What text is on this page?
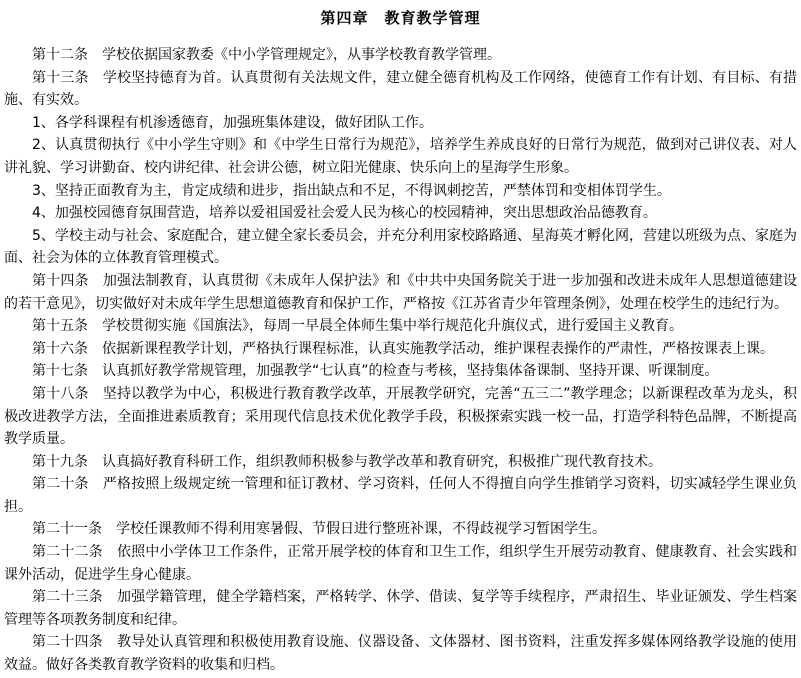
第四章　教育教学管理

第十二条　学校依据国家教委《中小学管理规定》，从事学校教育教学管理。

第十三条　学校坚持德育为首。认真贯彻有关法规文件，建立健全德育机构及工作网络，使德育工作有计划、有目标、有措施、有实效。

1、各学科课程有机渗透德育，加强班集体建设，做好团队工作。

2、认真贯彻执行《中小学生守则》和《中学生日常行为规范》，培养学生养成良好的日常行为规范，做到对己讲仪表、对人讲礼貌、学习讲勤奋、校内讲纪律、社会讲公德，树立阳光健康、快乐向上的星海学生形象。

3、坚持正面教育为主，肯定成绩和进步，指出缺点和不足，不得讽刺挖苦，严禁体罚和变相体罚学生。

4、加强校园德育氛围营造，培养以爱祖国爱社会爱人民为核心的校园精神，突出思想政治品德教育。

5、学校主动与社会、家庭配合，建立健全家长委员会，并充分利用家校路路通、星海英才孵化网，营建以班级为点、家庭为面、社会为体的立体教育管理模式。

第十四条　加强法制教育，认真贯彻《未成年人保护法》和《中共中央国务院关于进一步加强和改进未成年人思想道德建设的若干意见》，切实做好对未成年学生思想道德教育和保护工作，严格按《江苏省青少年管理条例》，处理在校学生的违纪行为。

第十五条　学校贯彻实施《国旗法》，每周一早晨全体师生集中举行规范化升旗仪式，进行爱国主义教育。

第十六条　依据新课程教学计划，严格执行课程标准，认真实施教学活动，维护课程表操作的严肃性，严格按课表上课。

第十七条　认真抓好教学常规管理，加强教学“七认真”的检查与考核，坚持集体备课制、坚持开课、听课制度。

第十八条　坚持以教学为中心，积极进行教育教学改革，开展教学研究，完善“五三二”教学理念；以新课程改革为龙头，积极改进教学方法，全面推进素质教育；采用现代信息技术优化教学手段，积极探索实践一校一品，打造学科特色品牌，不断提高教学质量。

第十九条　认真搞好教育科研工作，组织教师积极参与教学改革和教育研究，积极推广现代教育技术。

第二十条　严格按照上级规定统一管理和征订教材、学习资料，任何人不得擅自向学生推销学习资料，切实减轻学生课业负担。

第二十一条　学校任课教师不得利用寒暑假、节假日进行整班补课，不得歧视学习暂困学生。

第二十二条　依照中小学体卫工作条件，正常开展学校的体育和卫生工作，组织学生开展劳动教育、健康教育、社会实践和课外活动，促进学生身心健康。

第二十三条　加强学籍管理，健全学籍档案，严格转学、休学、借读、复学等手续程序，严肃招生、毕业证颁发、学生档案管理等各项教务制度和纪律。

第二十四条　教导处认真管理和积极使用教育设施、仪器设备、文体器材、图书资料，注重发挥多媒体网络教学设施的使用效益。做好各类教育教学资料的收集和归档。
